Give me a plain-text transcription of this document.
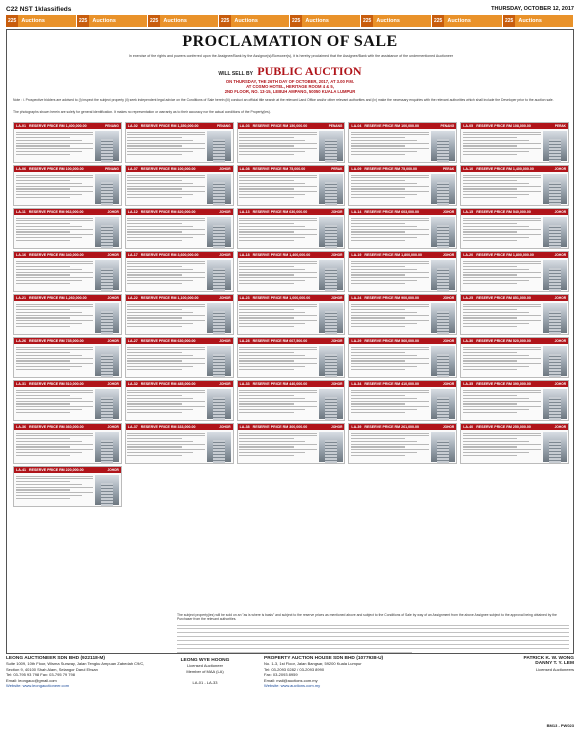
C22 NST 1klassifieds	THURSDAY, OCTOBER 12, 2017
225 Auctions	225 Auctions	225 Auctions	225 Auctions	225 Auctions	225 Auctions	225 Auctions	225 Auctions
PROCLAMATION OF SALE
In exercise of the rights and powers conferred upon the Assignee/Bank by the Assignor(s)/Borrower(s), it is hereby proclaimed that the Assignee/Bank with the assistance of the undermentioned Auctioneer
WILL SELL BY PUBLIC AUCTION
ON THURSDAY, THE 26TH DAY OF OCTOBER, 2017, AT 3.00 P.M.
AT COSMO HOTEL, HERITAGE ROOM 4 & 5,
2ND FLOOR, NO. 13-15, LEBUH AMPANG, 50050 KUALA LUMPUR
Note : i. Prospective bidders are advised to (i) inspect the subject property (ii) seek independent legal advice on the Conditions of Sale herein (iii) conduct an official title search at the relevant Land Office and/or other relevant authorities and (iv) make the necessary enquiries with the relevant authorities which shall include the Developer prior to the auction sale.
The photographs shown herein are solely for general identification. It makes no representation or warranty as to their accuracy nor the actual conditions of the Property(ies).
LA-01 RESERVE PRICE RM 1,400,000.00	PENANG	LA-02 RESERVE PRICE RM 1,350,000.00	PENANG	LA-03 RESERVE PRICE RM 150,000.00	PENANG	LA-04 RESERVE PRICE RM 100,000.00	PENANG	LA-05 RESERVE PRICE RM 108,000.00	PERAK
LA-06 RESERVE PRICE RM 100,000.00	PENANG	LA-07 RESERVE PRICE RM 100,000.00	JOHOR	LA-08 RESERVE PRICE RM 75,000.00	PERAK	LA-09 RESERVE PRICE RM 75,000.00	PERAK	LA-10 RESERVE PRICE RM 1,400,000.00	JOHOR
LA-11 RESERVE PRICE RM 963,000.00	JOHOR	LA-12 RESERVE PRICE RM 820,000.00	JOHOR	LA-13 RESERVE PRICE RM 630,000.00	JOHOR	LA-14 RESERVE PRICE RM 603,000.00	JOHOR	LA-15 RESERVE PRICE RM 540,000.00	JOHOR
LA-16 RESERVE PRICE RM 340,000.00	JOHOR	LA-17 RESERVE PRICE RM 3,600,000.00	JOHOR	LA-18 RESERVE PRICE RM 1,400,000.00	JOHOR	LA-19 RESERVE PRICE RM 1,800,000.00	JOHOR	LA-20 RESERVE PRICE RM 1,800,000.00	JOHOR
LA-21 RESERVE PRICE RM 1,260,000.00	JOHOR	LA-22 RESERVE PRICE RM 1,100,000.00	JOHOR	LA-23 RESERVE PRICE RM 1,000,000.00	JOHOR	LA-24 RESERVE PRICE RM 900,000.00	JOHOR	LA-25 RESERVE PRICE RM 851,000.00	JOHOR
LA-26 RESERVE PRICE RM 735,000.00	JOHOR	LA-27 RESERVE PRICE RM 630,000.00	JOHOR	LA-28 RESERVE PRICE RM 607,500.00	JOHOR	LA-29 RESERVE PRICE RM 560,000.00	JOHOR	LA-30 RESERVE PRICE RM 520,000.00	JOHOR
LA-31 RESERVE PRICE RM 510,000.00	JOHOR	LA-32 RESERVE PRICE RM 485,000.00	JOHOR	LA-33 RESERVE PRICE RM 440,000.00	JOHOR	LA-34 RESERVE PRICE RM 410,000.00	JOHOR	LA-35 RESERVE PRICE RM 390,000.00	JOHOR
LA-36 RESERVE PRICE RM 360,000.00	JOHOR	LA-37 RESERVE PRICE RM 333,000.00	JOHOR	LA-38 RESERVE PRICE RM 300,000.00	JOHOR	LA-39 RESERVE PRICE RM 261,000.00	JOHOR	LA-40 RESERVE PRICE RM 250,000.00	JOHOR
LA-41 RESERVE PRICE RM 220,000.00	JOHOR
The subject property(ies) will be sold on an "as is where is basis" and subject to the reserve prices as mentioned above and subject to the Conditions of Sale by way of an Assignment from the above Assignee subject to the approval being obtained by the Purchaser from the relevant authorities.
LEONG AUCTIONEER SDN BHD (922118-M)
Suite 1009, 10th Floor, Wisma Sunway, Jalan Tengku Ampuan Zabedah C9/C, Section 9, 40100 Shah Alam, Selangor Darul Ehsan
Tel: 03-795 93 798 Fax: 03-795 79 798
Email: leongauc@gmail.com
Website: www.leongauctioneer.com
LEONG WYE HOONG
Licensed Auctioneer
Member of MAA (LA)
LA-01 - LA-33
PROPERTY AUCTION HOUSE SDN BHD (1077938-U)
No. 1-3, 1st Floor, Jalan Bangsar, 59200 Kuala Lumpur
Tel: 03-2093 0282 / 03-2093 8990
Fax: 03-2093 8959
Email: mail@auctions.com.my
Website: www.auctions.com.my
PATRICK K. W. WONG
DANNY T. Y. LEM
Licensed Auctioneers
BM13 - PW023
